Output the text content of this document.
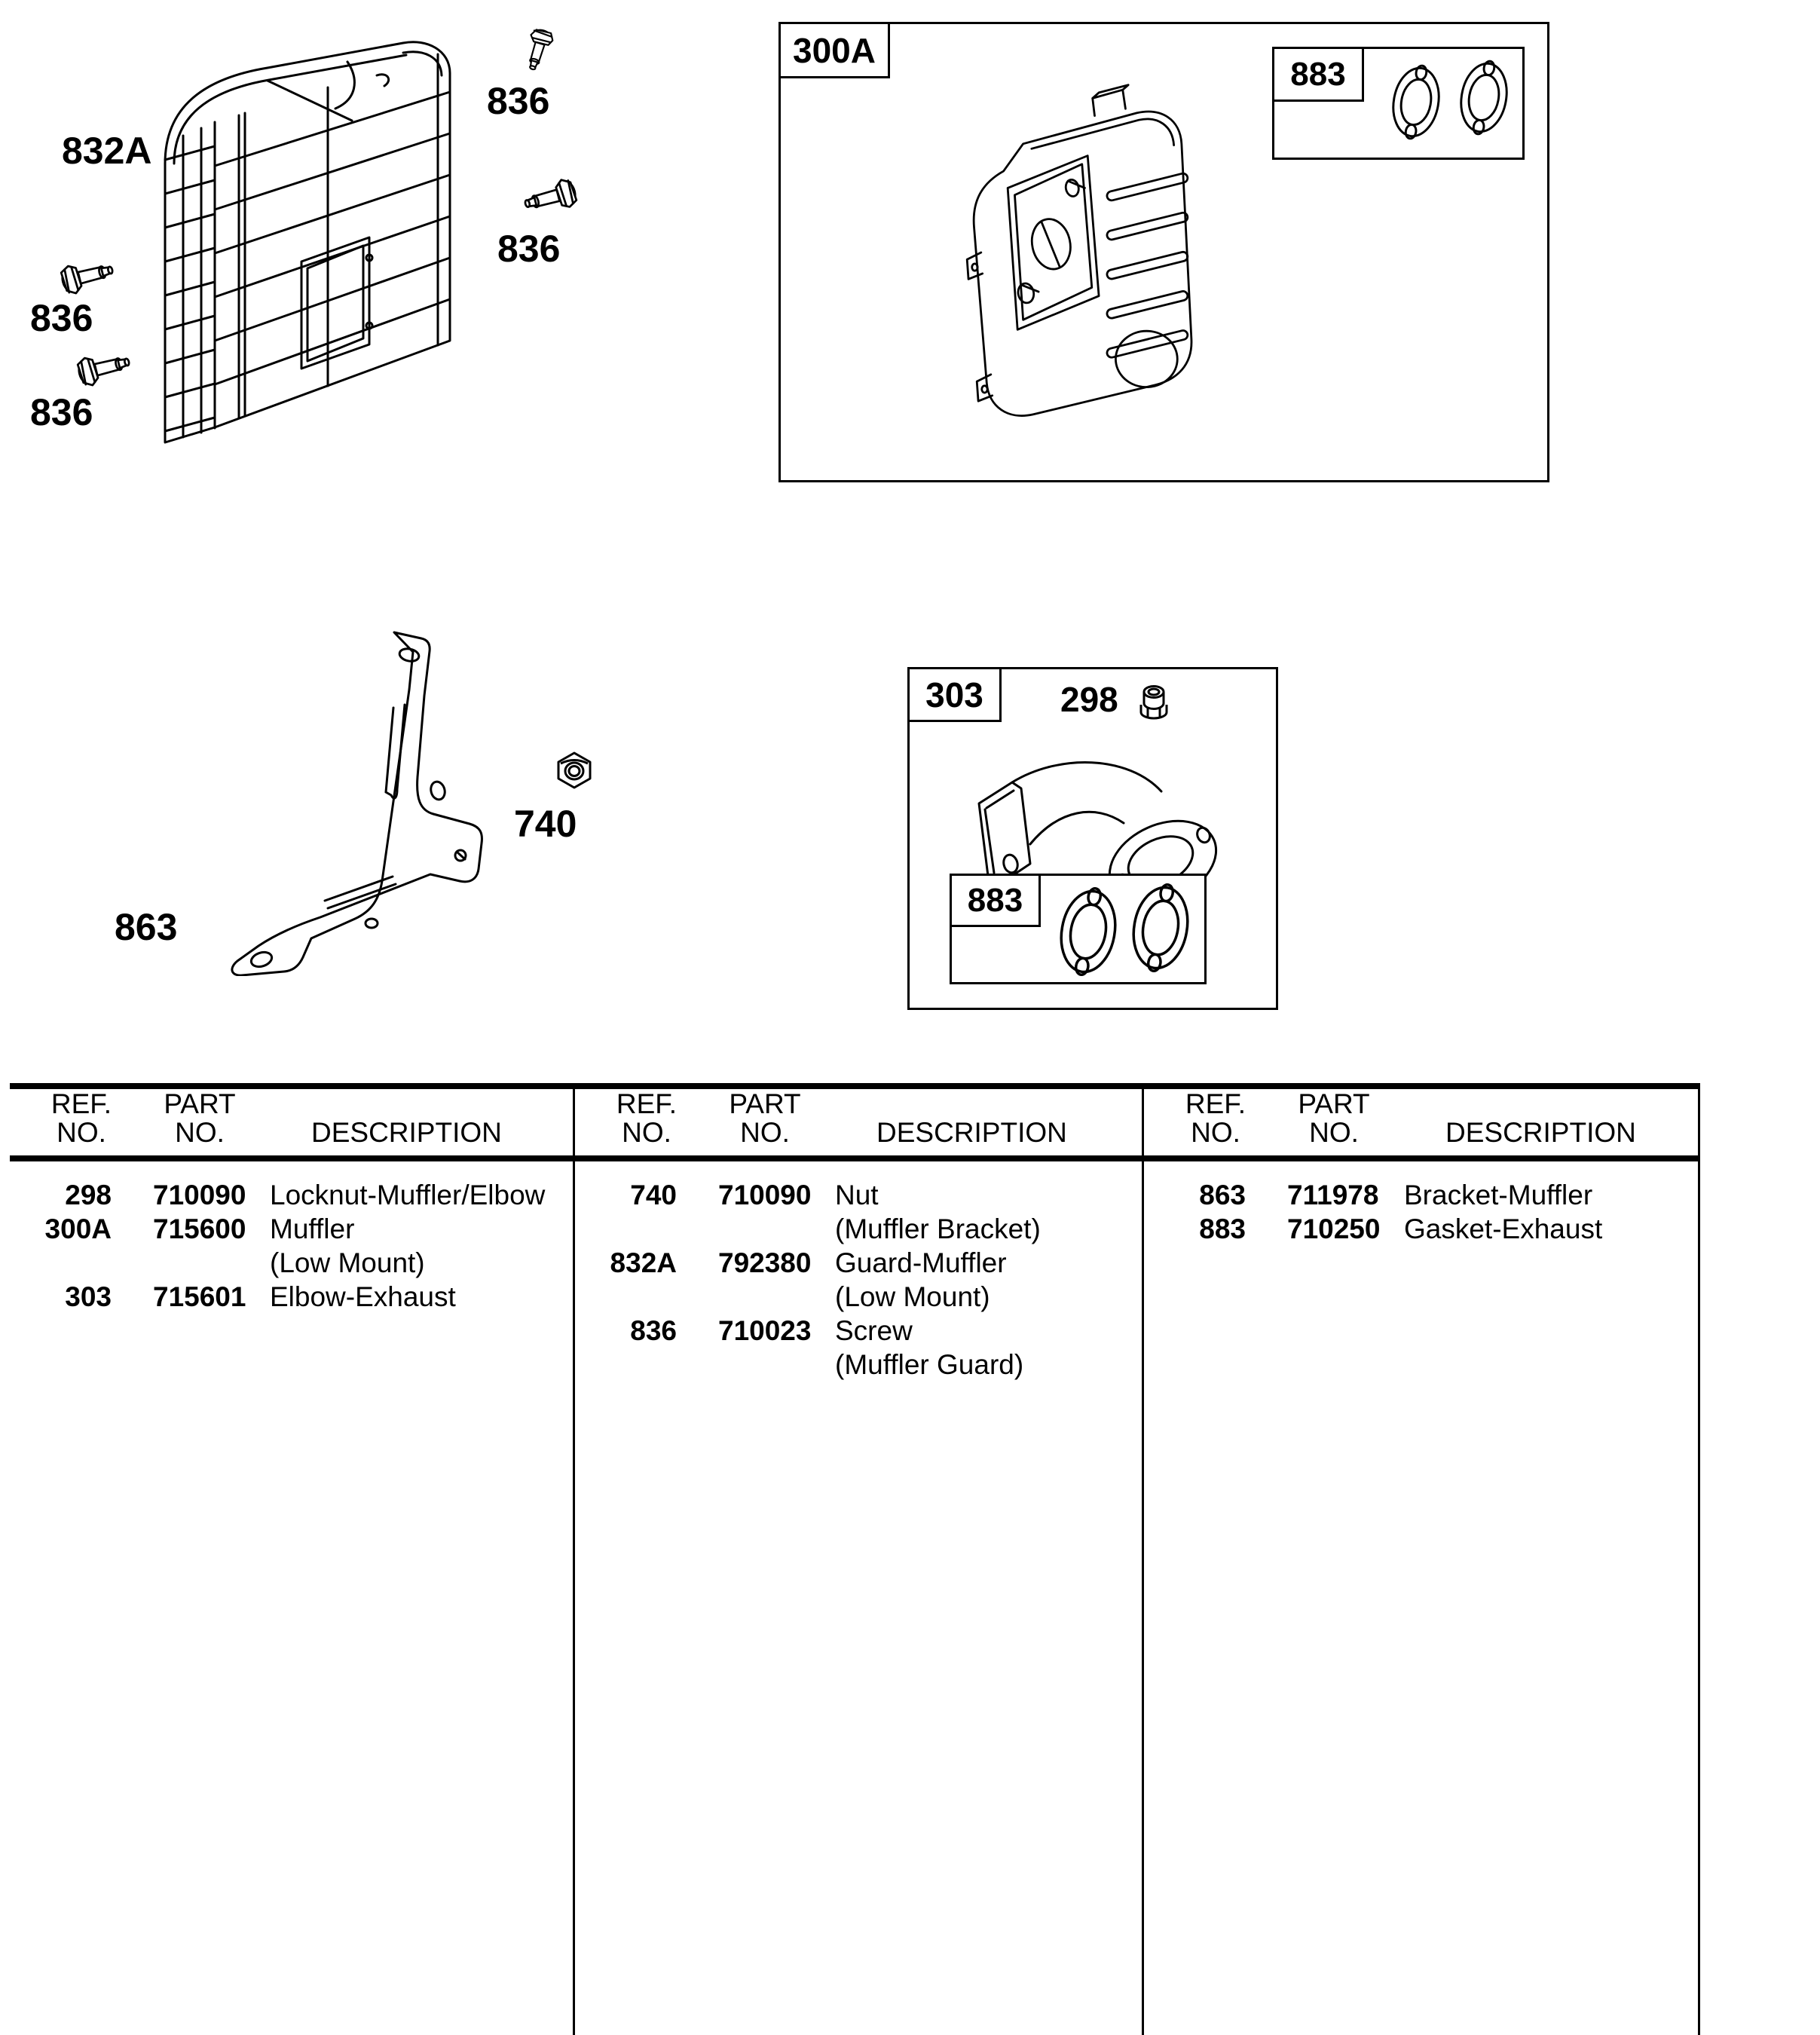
832A
836
836
836
836
300A
883
863
740
303	298
883
REF.	PART
NO.	NO.	DESCRIPTION
298 710090 Locknut-Muffler/Elbow
300A 715600 Muffler
(Low Mount)
303 715601 Elbow-Exhaust
REF.	PART
NO.	NO.	DESCRIPTION
740 710090 Nut
(Muffler Bracket)
832A 792380 Guard-Muffler
(Low Mount)
836 710023 Screw
(Muffler Guard)
REF.	PART
NO.	NO.	DESCRIPTION
863 711978 Bracket-Muffler
883 710250 Gasket-Exhaust
